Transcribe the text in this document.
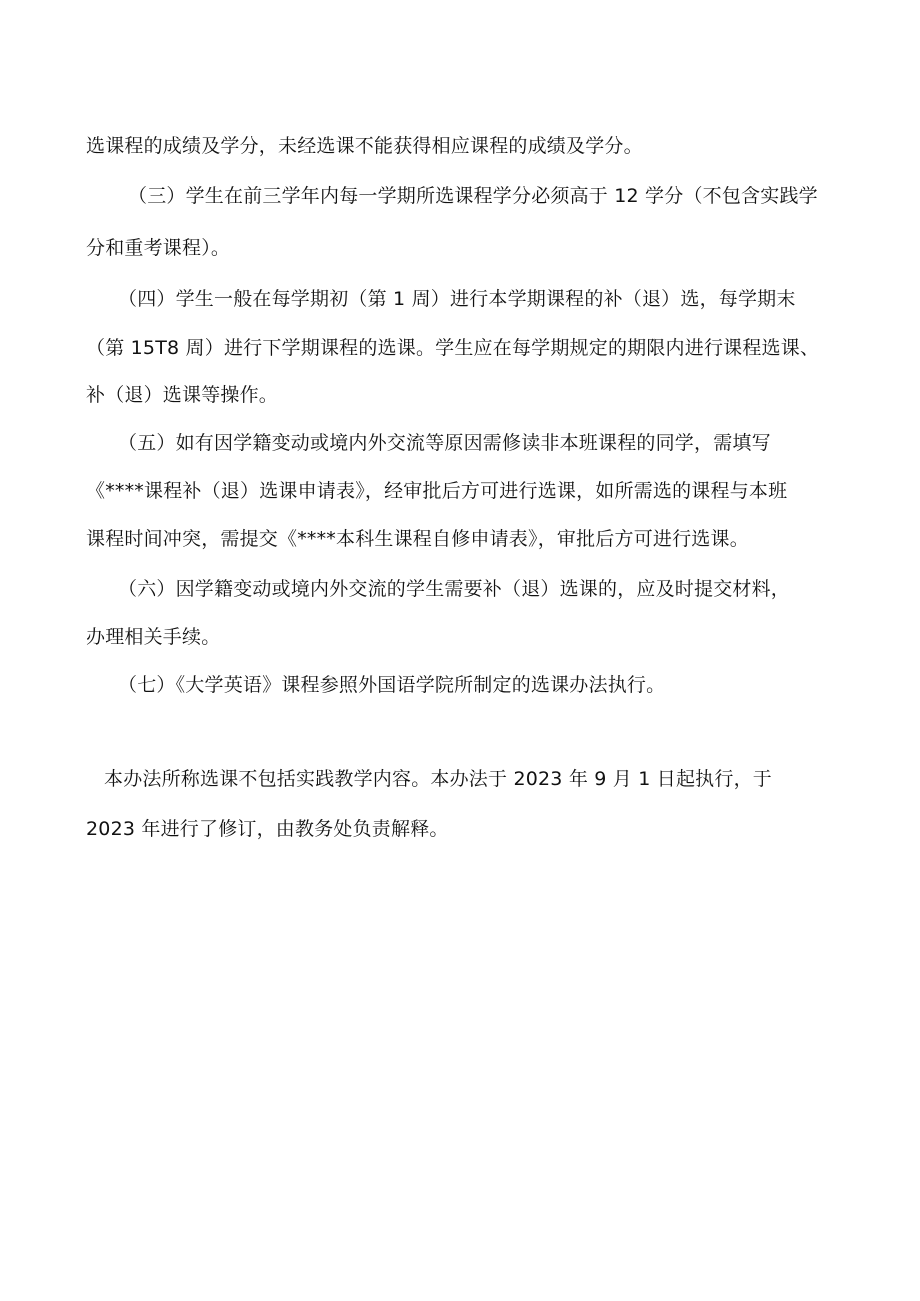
选课程的成绩及学分，未经选课不能获得相应课程的成绩及学分。

（三）学生在前三学年内每一学期所选课程学分必须高于 12 学分（不包含实践学

分和重考课程）。

（四）学生一般在每学期初（第 1 周）进行本学期课程的补（退）选，每学期末

（第 15T8 周）进行下学期课程的选课。学生应在每学期规定的期限内进行课程选课、

补（退）选课等操作。

（五）如有因学籍变动或境内外交流等原因需修读非本班课程的同学，需填写

《****课程补（退）选课申请表》，经审批后方可进行选课，如所需选的课程与本班

课程时间冲突，需提交《****本科生课程自修申请表》，审批后方可进行选课。

（六）因学籍变动或境内外交流的学生需要补（退）选课的，应及时提交材料，

办理相关手续。

（七）《大学英语》课程参照外国语学院所制定的选课办法执行。

本办法所称选课不包括实践教学内容。本办法于 2023 年 9 月 1 日起执行，于

2023 年进行了修订，由教务处负责解释。
